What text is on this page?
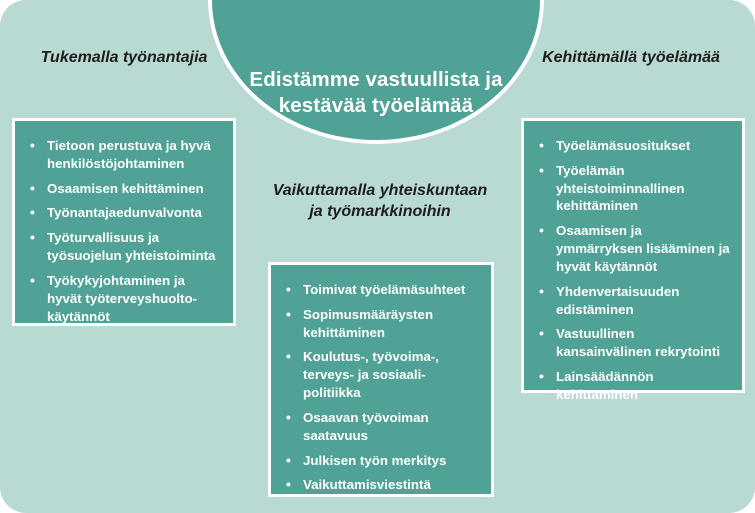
Edistämme vastuullista ja kestävää työelämää
Tukemalla työnantajia	Kehittämällä työelämää
Vaikuttamalla yhteiskuntaan ja työmarkkinoihin
• Tietoon perustuva ja hyvä henkilöstöjohtaminen
• Osaamisen kehittäminen
• Työnantajaedunvalvonta
• Työturvallisuus ja työsuojelun yhteistoiminta
• Työkykyjohtaminen ja hyvät työterveyshuolto-käytännöt
• Toimivat työelämäsuhteet
• Sopimusmääräysten kehittäminen
• Koulutus-, työvoima-, terveys- ja sosiaali-politiikka
• Osaavan työvoiman saatavuus
• Julkisen työn merkitys
• Vaikuttamisviestintä
• Työelämäsuositukset
• Työelämän yhteistoiminnallinen kehittäminen
• Osaamisen ja ymmärryksen lisääminen ja hyvät käytännöt
• Yhdenvertaisuuden edistäminen
• Vastuullinen kansainvälinen rekrytointi
• Lainsäädännön kehittäminen
